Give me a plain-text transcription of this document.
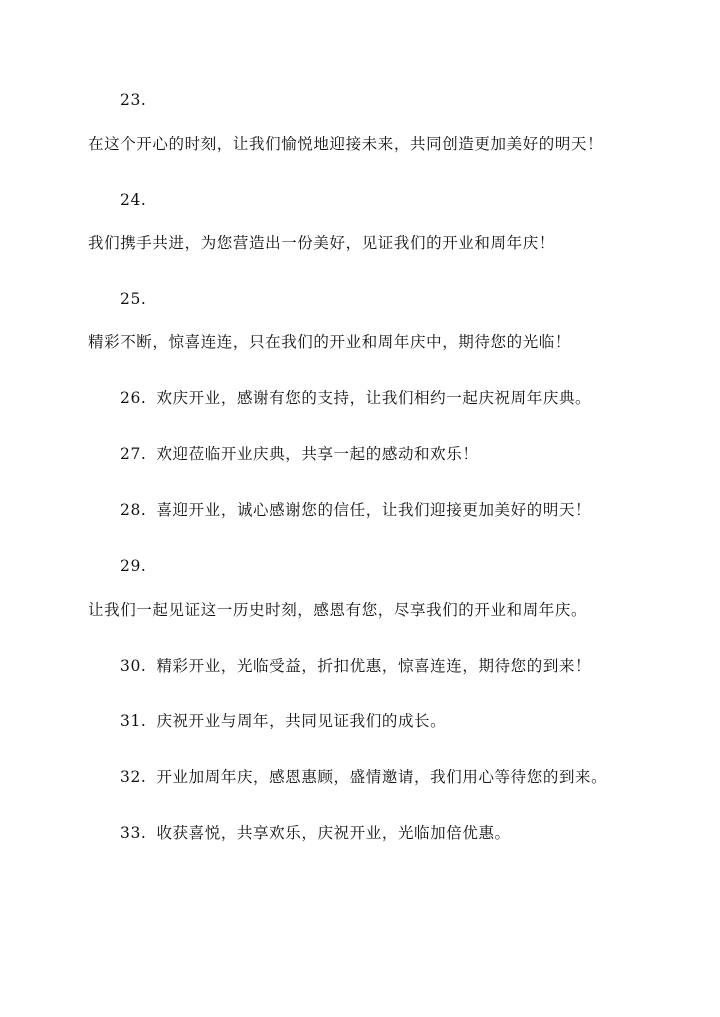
23.
在这个开心的时刻，让我们愉悦地迎接未来，共同创造更加美好的明天！
24.
我们携手共进，为您营造出一份美好，见证我们的开业和周年庆！
25.
精彩不断，惊喜连连，只在我们的开业和周年庆中，期待您的光临！
26. 欢庆开业，感谢有您的支持，让我们相约一起庆祝周年庆典。
27. 欢迎莅临开业庆典，共享一起的感动和欢乐！
28. 喜迎开业，诚心感谢您的信任，让我们迎接更加美好的明天！
29.
让我们一起见证这一历史时刻，感恩有您，尽享我们的开业和周年庆。
30. 精彩开业，光临受益，折扣优惠，惊喜连连，期待您的到来！
31. 庆祝开业与周年，共同见证我们的成长。
32. 开业加周年庆，感恩惠顾，盛情邀请，我们用心等待您的到来。
33. 收获喜悦，共享欢乐，庆祝开业，光临加倍优惠。
